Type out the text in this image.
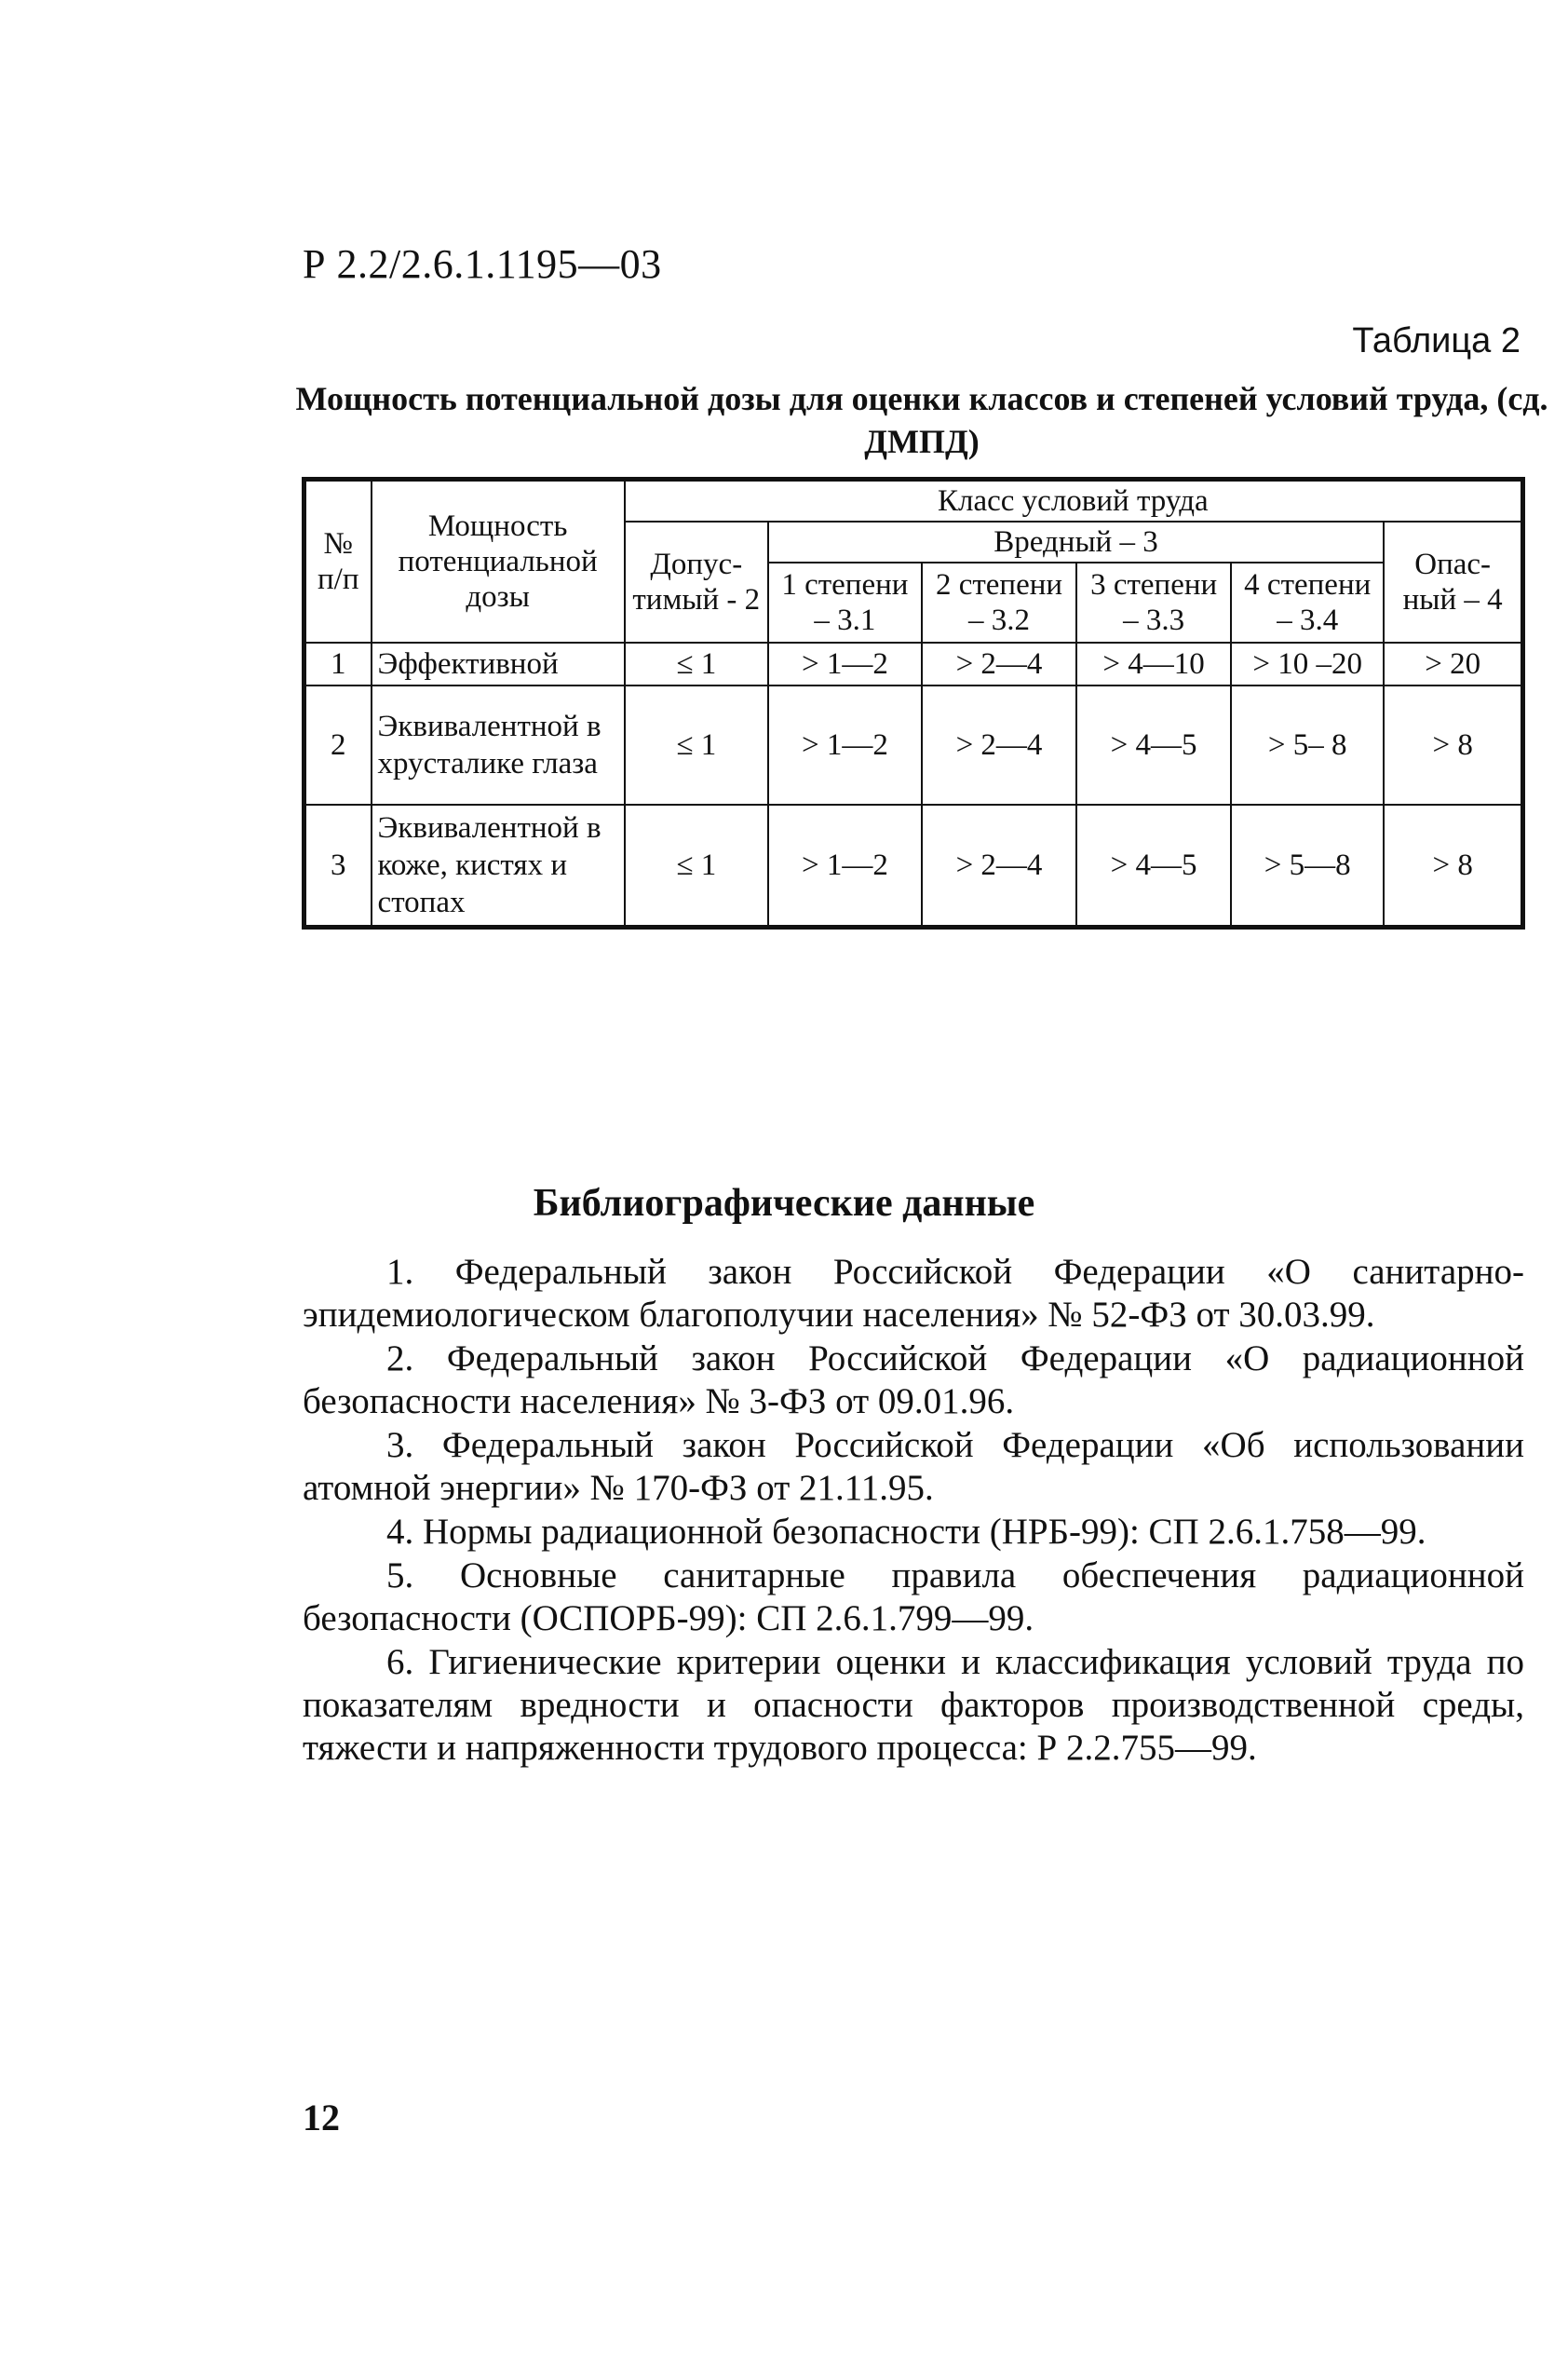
Р 2.2/2.6.1.1195—03
Таблица 2
Мощность потенциальной дозы для оценки классов и степеней условий труда, (сд. ДМПД)
№ п/п	Мощность потенциальной дозы	Класс условий труда					
		Допус-тимый - 2	Вредный – 3				Опас-ный – 4
			1 степени – 3.1	2 степени – 3.2	3 степени – 3.3	4 степени – 3.4	
1	Эффективной	≤ 1	> 1—2	> 2—4	> 4—10	> 10 –20	> 20
2	Эквивалентной в хрусталике глаза	≤ 1	> 1—2	> 2—4	> 4—5	> 5– 8	> 8
3	Эквивалентной в коже, кистях и стопах	≤ 1	> 1—2	> 2—4	> 4—5	> 5—8	> 8
Библиографические данные
1. Федеральный закон Российской Федерации «О санитарно-эпидемиологическом благополучии населения» № 52-ФЗ от 30.03.99.
2. Федеральный закон Российской Федерации «О радиационной безопасности населения» № 3-ФЗ от 09.01.96.
3. Федеральный закон Российской Федерации «Об использовании атомной энергии» № 170-ФЗ от 21.11.95.
4. Нормы радиационной безопасности (НРБ-99): СП 2.6.1.758—99.
5. Основные санитарные правила обеспечения радиационной безопасности (ОСПОРБ-99): СП 2.6.1.799—99.
6. Гигиенические критерии оценки и классификация условий труда по показателям вредности и опасности факторов производственной среды, тяжести и напряженности трудового процесса: Р 2.2.755—99.
12
